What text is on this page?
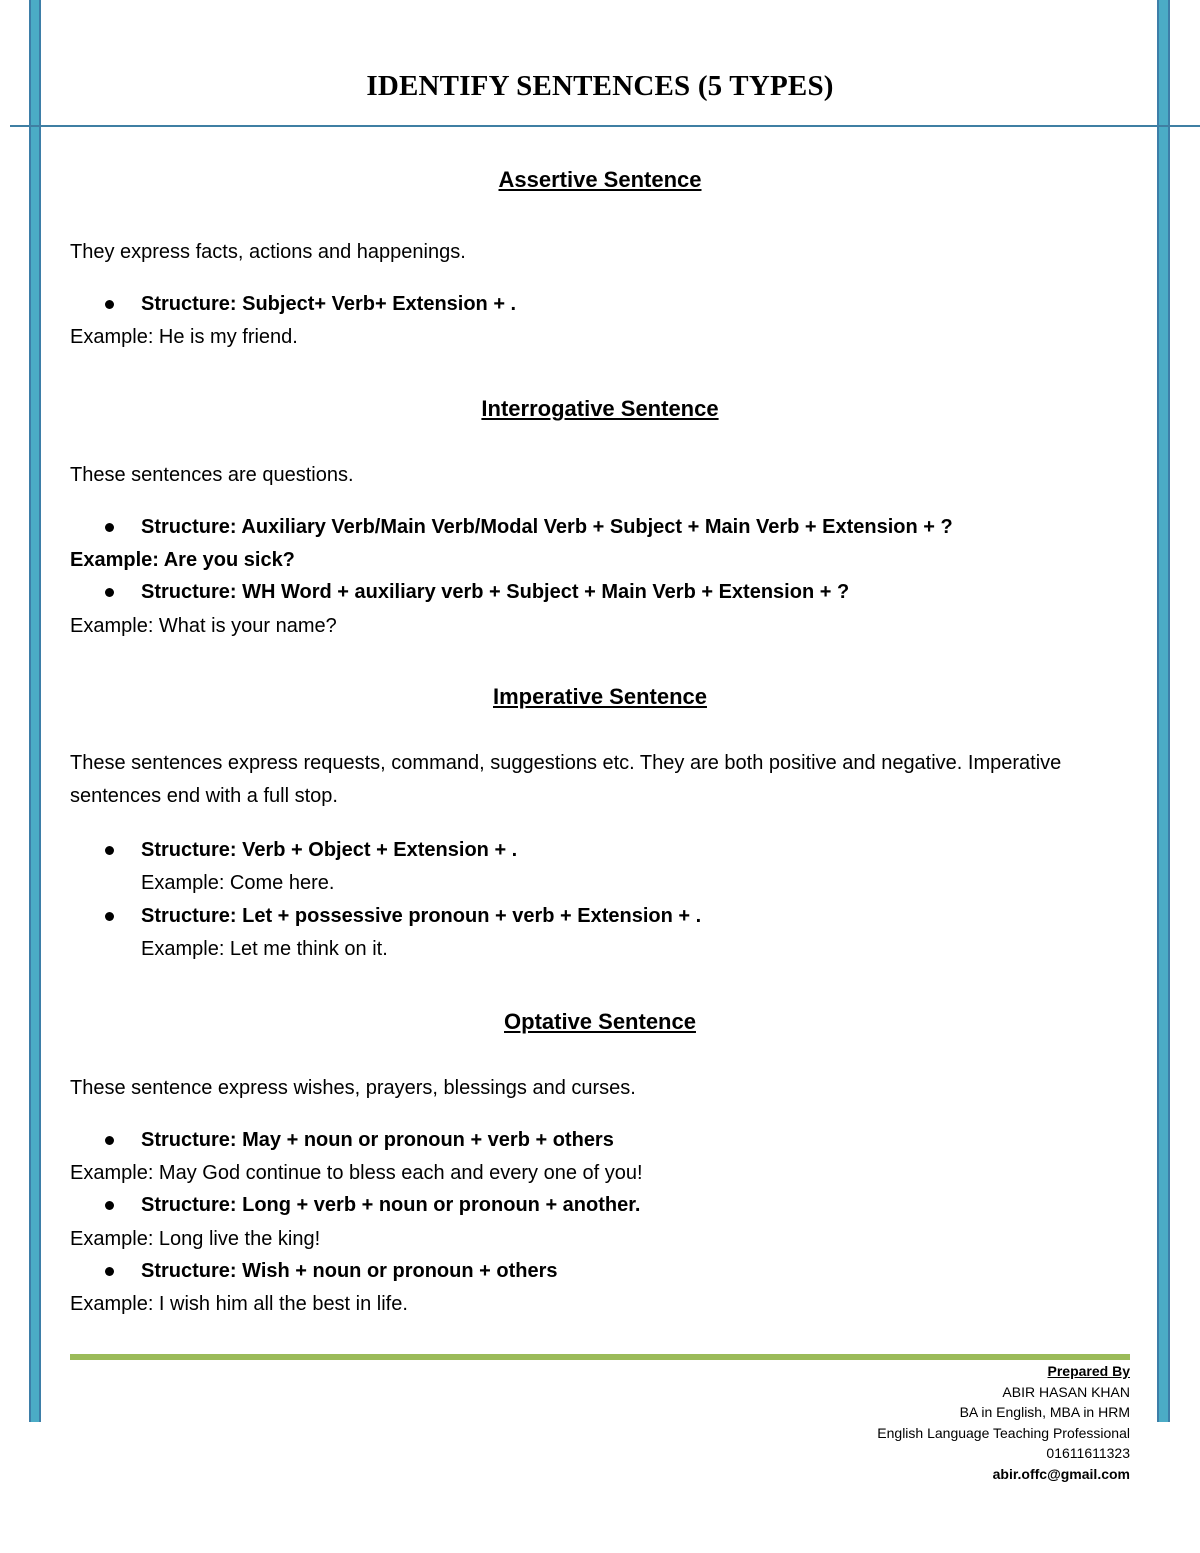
IDENTIFY SENTENCES (5 TYPES)
Assertive Sentence
They express facts, actions and happenings.
Structure: Subject+ Verb+ Extension + .
Example: He is my friend.
Interrogative Sentence
These sentences are questions.
Structure: Auxiliary Verb/Main Verb/Modal Verb + Subject + Main Verb + Extension + ?
Example: Are you sick?
Structure: WH Word + auxiliary verb + Subject + Main Verb + Extension + ?
Example: What is your name?
Imperative Sentence
These sentences express requests, command, suggestions etc. They are both positive and negative. Imperative sentences end with a full stop.
Structure: Verb + Object + Extension + .
Example: Come here.
Structure: Let + possessive pronoun + verb + Extension + .
Example: Let me think on it.
Optative Sentence
These sentence express wishes, prayers, blessings and curses.
Structure: May + noun or pronoun + verb + others
Example: May God continue to bless each and every one of you!
Structure: Long + verb + noun or pronoun + another.
Example: Long live the king!
Structure: Wish + noun or pronoun + others
Example: I wish him all the best in life.
Prepared By
ABIR HASAN KHAN
BA in English, MBA in HRM
English Language Teaching Professional
01611611323
abir.offc@gmail.com
